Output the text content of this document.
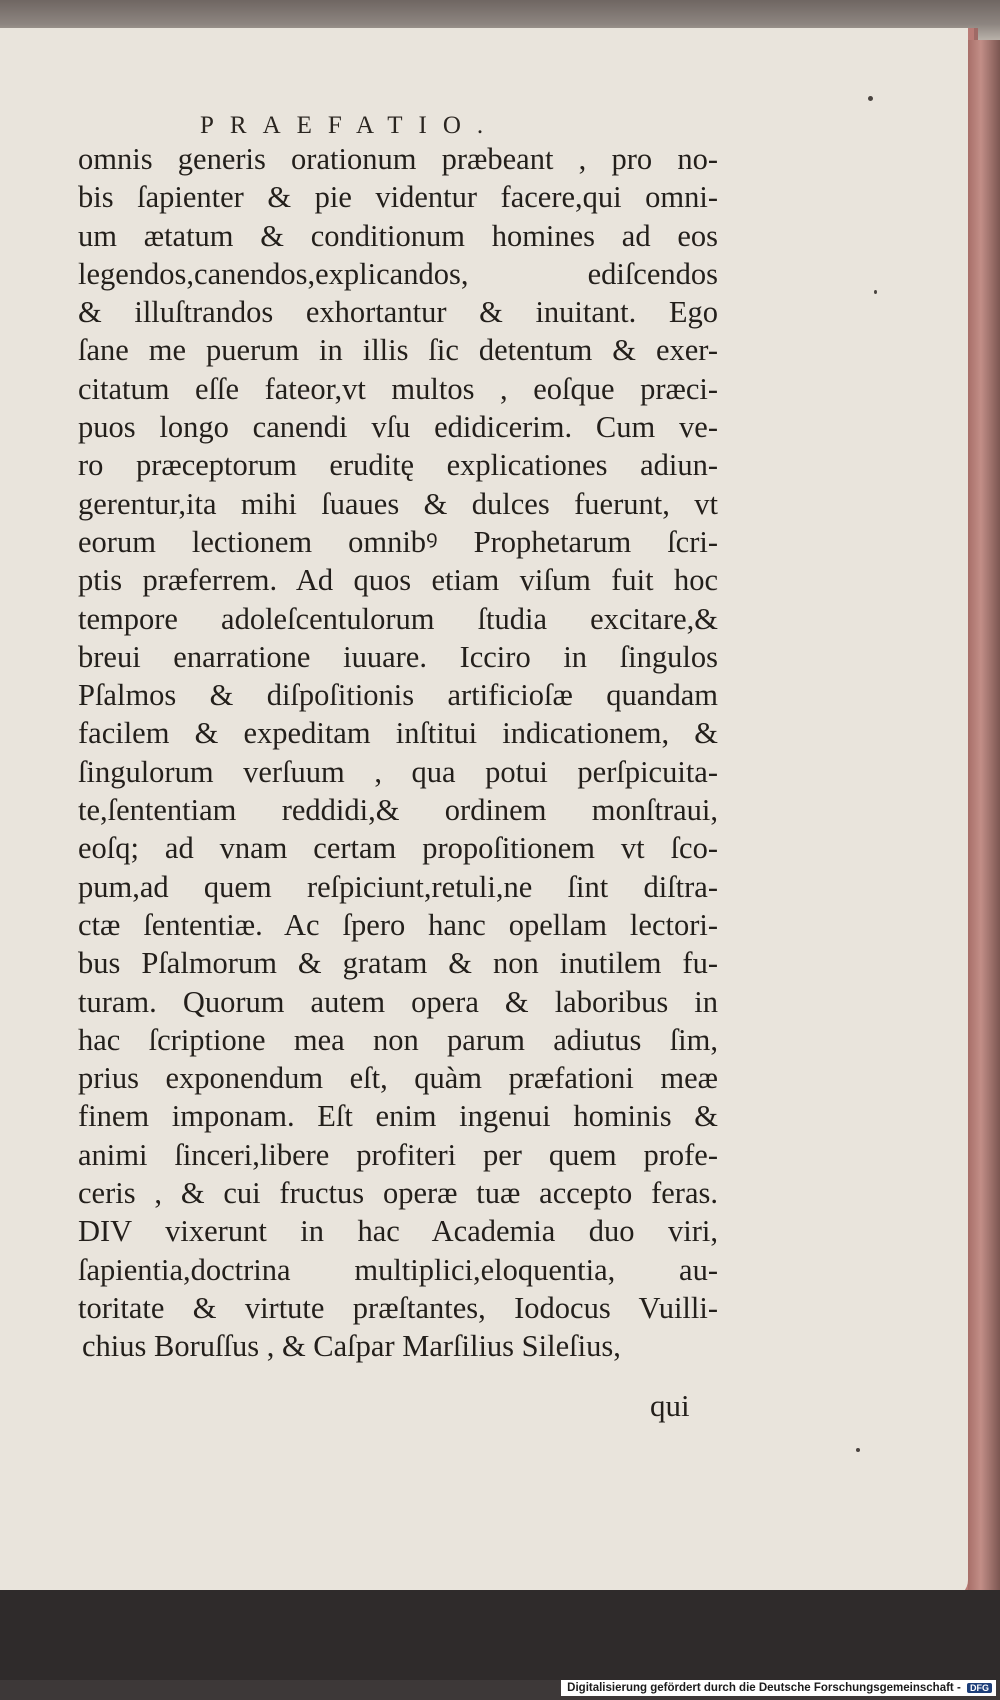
PRAEFATIO.
omnis generis orationum præbeant , pro no-
bis ſapienter & pie videntur facere,qui omni-
um ætatum & conditionum homines ad eos
legendos,canendos,explicandos, ediſcendos
& illuſtrandos exhortantur & inuitant. Ego
ſane me puerum in illis ſic detentum & exer-
citatum eſſe fateor,vt multos , eoſque præci-
puos longo canendi vſu edidicerim. Cum ve-
ro præceptorum eruditę explicationes adiun-
gerentur,ita mihi ſuaues & dulces fuerunt, vt
eorum lectionem omnibꝰ Prophetarum ſcri-
ptis præferrem. Ad quos etiam viſum fuit hoc
tempore adoleſcentulorum ſtudia excitare,&
breui enarratione iuuare. Icciro in ſingulos
Pſalmos & diſpoſitionis artificioſæ quandam
facilem & expeditam inſtitui indicationem, &
ſingulorum verſuum , qua potui perſpicuita-
te,ſententiam reddidi,& ordinem monſtraui,
eoſq; ad vnam certam propoſitionem vt ſco-
pum,ad quem reſpiciunt,retuli,ne ſint diſtra-
ctæ ſententiæ. Ac ſpero hanc opellam lectori-
bus Pſalmorum & gratam & non inutilem fu-
turam. Quorum autem opera & laboribus in
hac ſcriptione mea non parum adiutus ſim,
prius exponendum eſt, quàm præfationi meæ
finem imponam. Eſt enim ingenui hominis &
animi ſinceri,libere profiteri per quem profe-
ceris , & cui fructus operæ tuæ accepto feras.
DIV vixerunt in hac Academia duo viri,
ſapientia,doctrina multiplici,eloquentia, au-
toritate & virtute præſtantes, Iodocus Vuilli-
chius Boruſſus , & Caſpar Marſilius Sileſius,
qui
Digitalisierung gefördert durch die Deutsche Forschungsgemeinschaft - DFG
